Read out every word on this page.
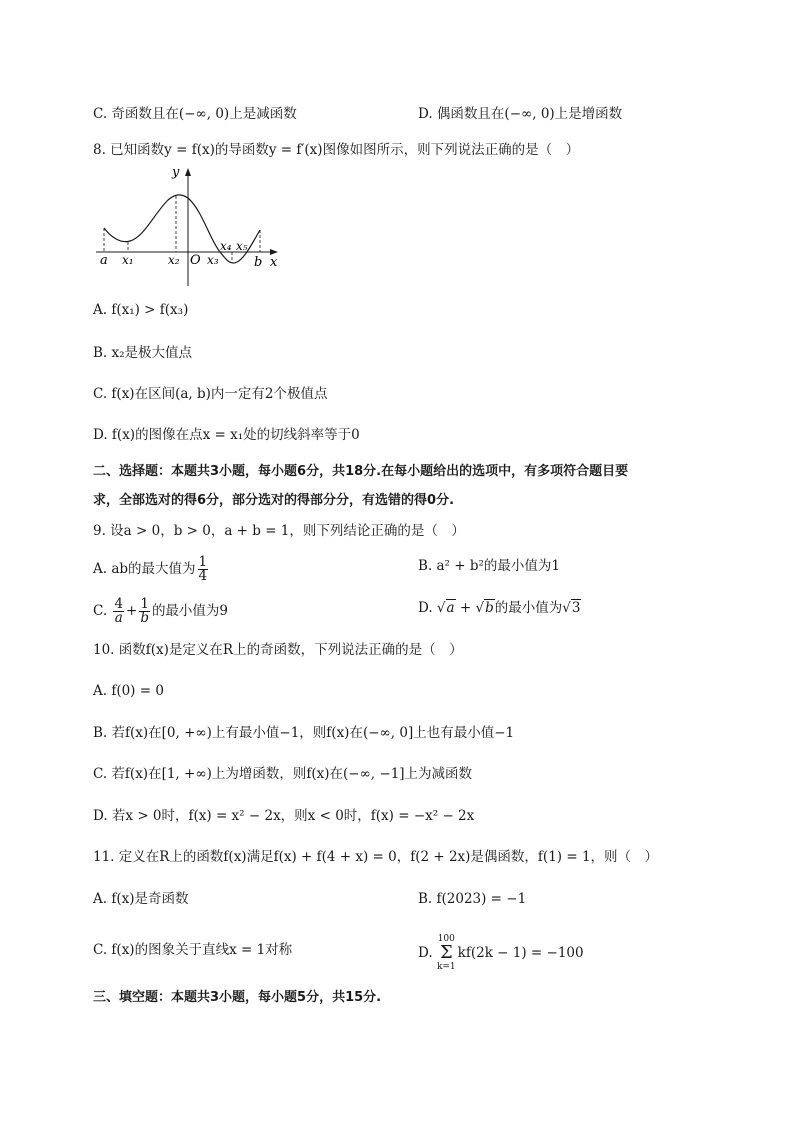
C. 奇函数且在(−∞, 0)上是减函数	D. 偶函数且在(−∞, 0)上是增函数
8. 已知函数y = f(x)的导函数y = f′(x)图像如图所示，则下列说法正确的是（　）
y
x
a x₁	x₂ O x₃
x₄ x₅
b
A. f(x₁) > f(x₃)
B. x₂是极大值点
C. f(x)在区间(a, b)内一定有2个极值点
D. f(x)的图像在点x = x₁处的切线斜率等于0
二、选择题：本题共3小题，每小题6分，共18分.在每小题给出的选项中，有多项符合题目要
求，全部选对的得6分，部分选对的得部分分，有选错的得0分.
9. 设a > 0，b > 0，a + b = 1，则下列结论正确的是（　）
A. ab的最大值为 $\frac{1}{4}$	B. a² + b²的最小值为1
C. $\frac{4}{a} + \frac{1}{b}$ 的最小值为9	D. √a + √b的最小值为√3
10. 函数f(x)是定义在R上的奇函数，下列说法正确的是（　）
A. f(0) = 0
B. 若f(x)在[0, +∞)上有最小值−1，则f(x)在(−∞, 0]上也有最小值−1
C. 若f(x)在[1, +∞)上为增函数，则f(x)在(−∞, −1]上为减函数
D. 若x > 0时，f(x) = x² − 2x，则x < 0时，f(x) = −x² − 2x
11. 定义在R上的函数f(x)满足f(x) + f(4 + x) = 0，f(2 + 2x)是偶函数，f(1) = 1，则（　）
A. f(x)是奇函数	B. f(2023) = −1
C. f(x)的图象关于直线x = 1对称	D.
100
Σ
k=1
kf(2k − 1) = −100
三、填空题：本题共3小题，每小题5分，共15分.
